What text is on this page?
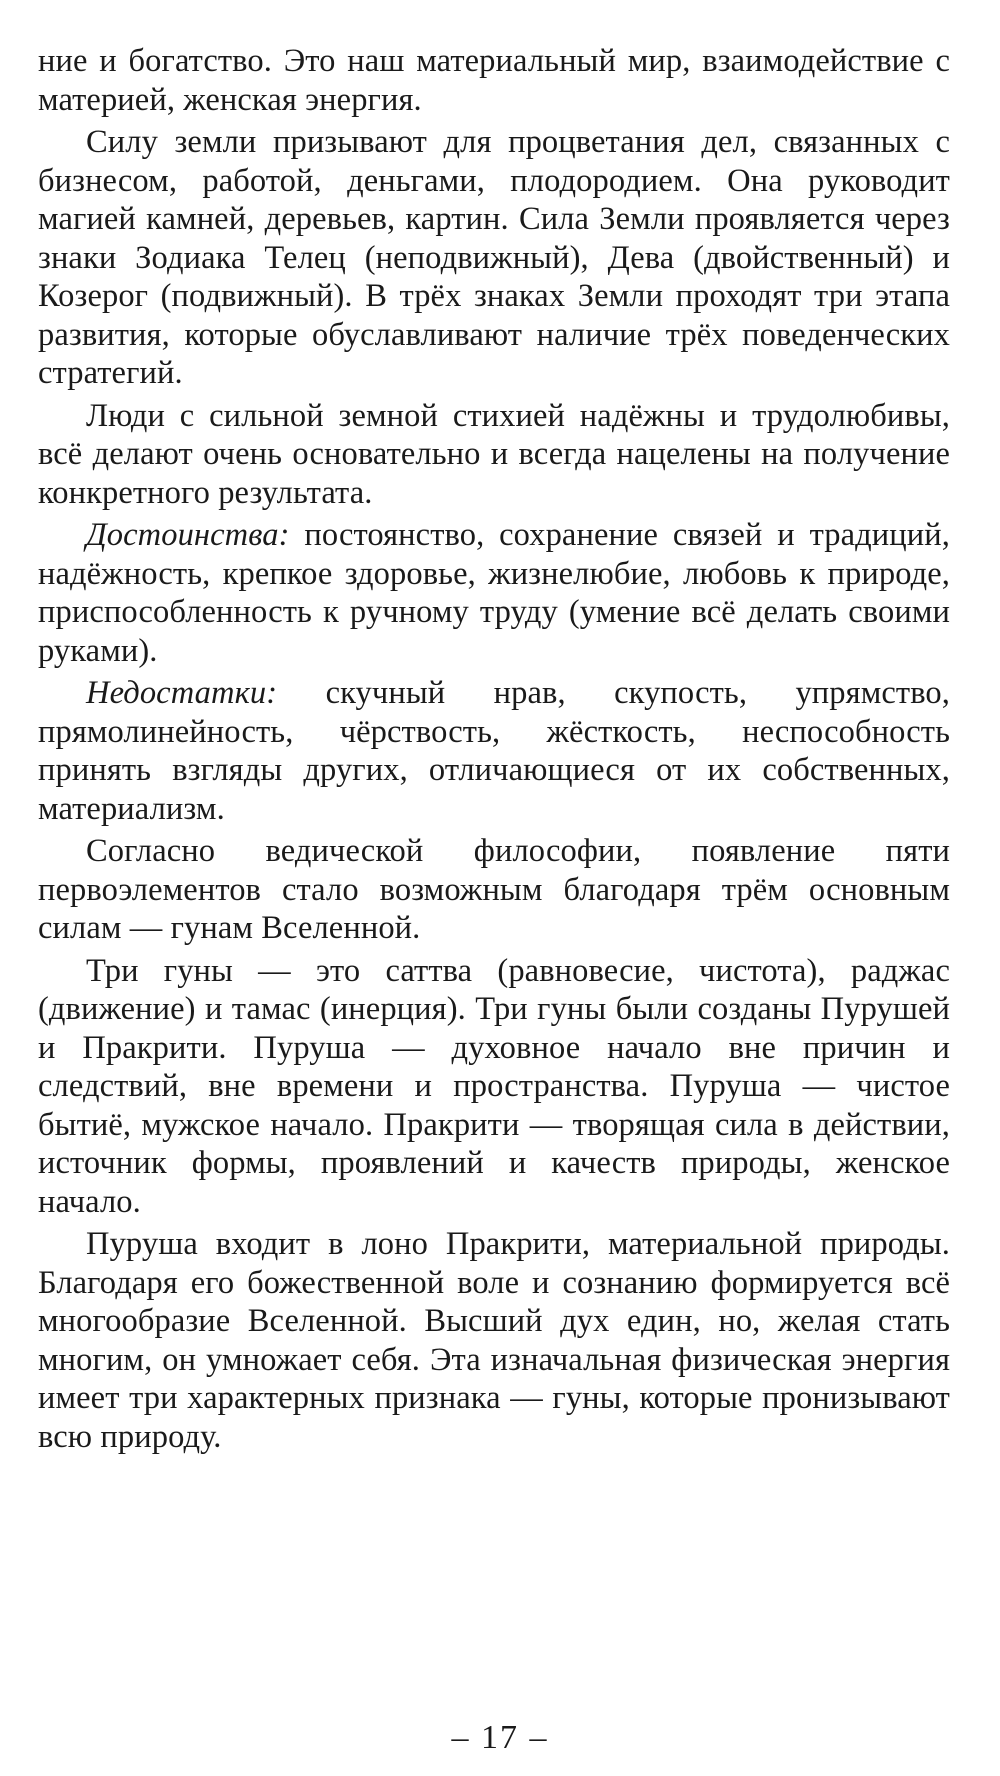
ние и богатство. Это наш материальный мир, взаимодействие с материей, женская энергия.

Силу земли призывают для процветания дел, связанных с бизнесом, работой, деньгами, плодородием. Она руководит магией камней, деревьев, картин. Сила Земли проявляется через знаки Зодиака Телец (неподвижный), Дева (двойственный) и Козерог (подвижный). В трёх знаках Земли проходят три этапа развития, которые обуславливают наличие трёх поведенческих стратегий.

Люди с сильной земной стихией надёжны и трудолюбивы, всё делают очень основательно и всегда нацелены на получение конкретного результата.

Достоинства: постоянство, сохранение связей и традиций, надёжность, крепкое здоровье, жизнелюбие, любовь к природе, приспособленность к ручному труду (умение всё делать своими руками).

Недостатки: скучный нрав, скупость, упрямство, прямолинейность, чёрствость, жёсткость, неспособность принять взгляды других, отличающиеся от их собственных, материализм.

Согласно ведической философии, появление пяти первоэлементов стало возможным благодаря трём основным силам — гунам Вселенной.

Три гуны — это саттва (равновесие, чистота), раджас (движение) и тамас (инерция). Три гуны были созданы Пурушей и Пракрити. Пуруша — духовное начало вне причин и следствий, вне времени и пространства. Пуруша — чистое бытиё, мужское начало. Пракрити — творящая сила в действии, источник формы, проявлений и качеств природы, женское начало.

Пуруша входит в лоно Пракрити, материальной природы. Благодаря его божественной воле и сознанию формируется всё многообразие Вселенной. Высший дух един, но, желая стать многим, он умножает себя. Эта изначальная физическая энергия имеет три характерных признака — гуны, которые пронизывают всю природу.

– 17 –
